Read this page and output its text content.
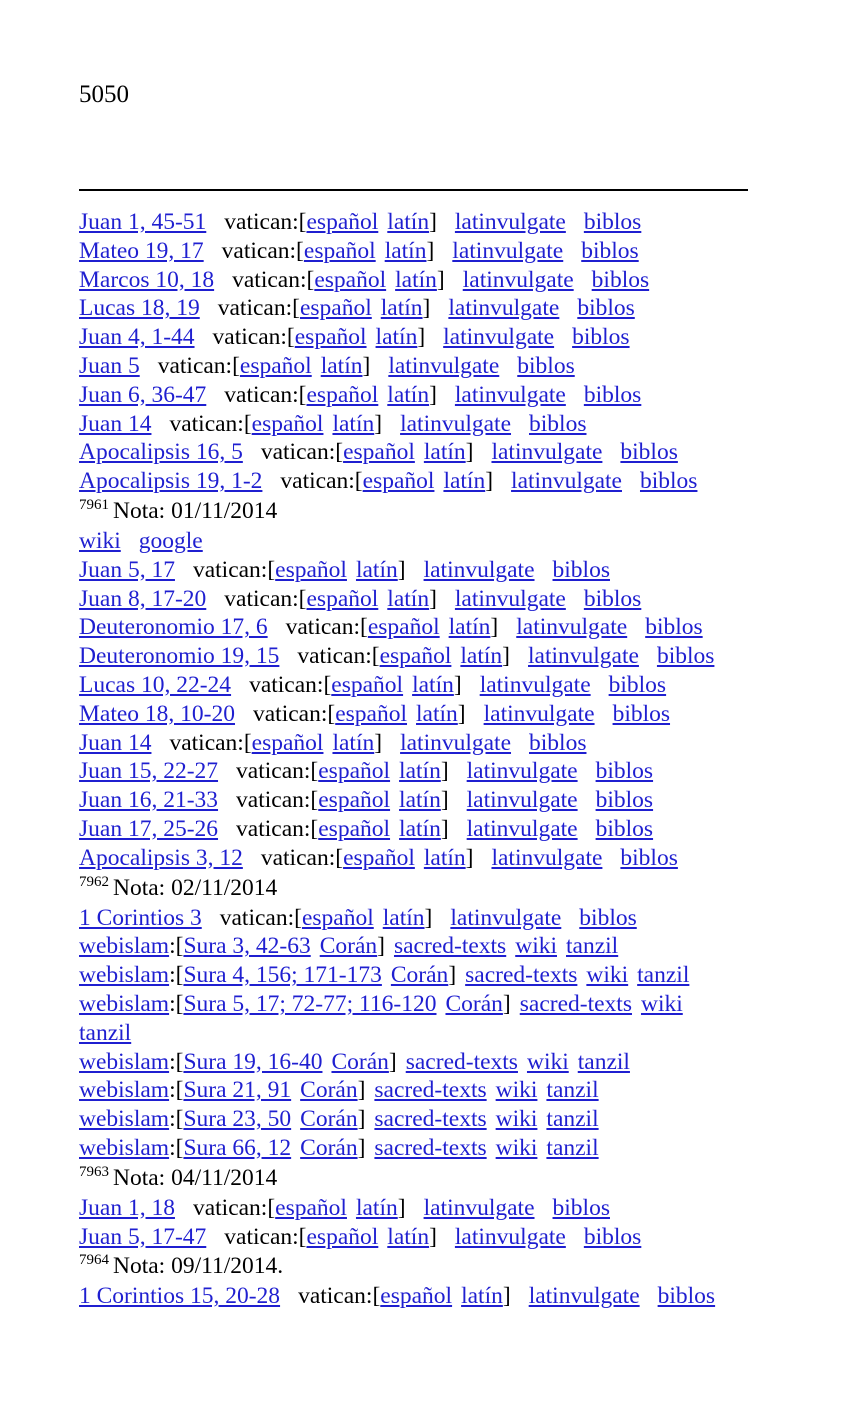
5050
Juan 1, 45-51 vatican:[español latín] latinvulgate biblos
Mateo 19, 17 vatican:[español latín] latinvulgate biblos
Marcos 10, 18 vatican:[español latín] latinvulgate biblos
Lucas 18, 19 vatican:[español latín] latinvulgate biblos
Juan 4, 1-44 vatican:[español latín] latinvulgate biblos
Juan 5 vatican:[español latín] latinvulgate biblos
Juan 6, 36-47 vatican:[español latín] latinvulgate biblos
Juan 14 vatican:[español latín] latinvulgate biblos
Apocalipsis 16, 5 vatican:[español latín] latinvulgate biblos
Apocalipsis 19, 1-2 vatican:[español latín] latinvulgate biblos
$^{7961}$ Nota: 01/11/2014
wiki google
Juan 5, 17 vatican:[español latín] latinvulgate biblos
Juan 8, 17-20 vatican:[español latín] latinvulgate biblos
Deuteronomio 17, 6 vatican:[español latín] latinvulgate biblos
Deuteronomio 19, 15 vatican:[español latín] latinvulgate biblos
Lucas 10, 22-24 vatican:[español latín] latinvulgate biblos
Mateo 18, 10-20 vatican:[español latín] latinvulgate biblos
Juan 14 vatican:[español latín] latinvulgate biblos
Juan 15, 22-27 vatican:[español latín] latinvulgate biblos
Juan 16, 21-33 vatican:[español latín] latinvulgate biblos
Juan 17, 25-26 vatican:[español latín] latinvulgate biblos
Apocalipsis 3, 12 vatican:[español latín] latinvulgate biblos
$^{7962}$ Nota: 02/11/2014
1 Corintios 3 vatican:[español latín] latinvulgate biblos
webislam:[Sura 3, 42-63 Corán] sacred-texts wiki tanzil
webislam:[Sura 4, 156; 171-173 Corán] sacred-texts wiki tanzil
webislam:[Sura 5, 17; 72-77; 116-120 Corán] sacred-texts wiki
tanzil
webislam:[Sura 19, 16-40 Corán] sacred-texts wiki tanzil
webislam:[Sura 21, 91 Corán] sacred-texts wiki tanzil
webislam:[Sura 23, 50 Corán] sacred-texts wiki tanzil
webislam:[Sura 66, 12 Corán] sacred-texts wiki tanzil
$^{7963}$ Nota: 04/11/2014
Juan 1, 18 vatican:[español latín] latinvulgate biblos
Juan 5, 17-47 vatican:[español latín] latinvulgate biblos
$^{7964}$ Nota: 09/11/2014.
1 Corintios 15, 20-28 vatican:[español latín] latinvulgate biblos
